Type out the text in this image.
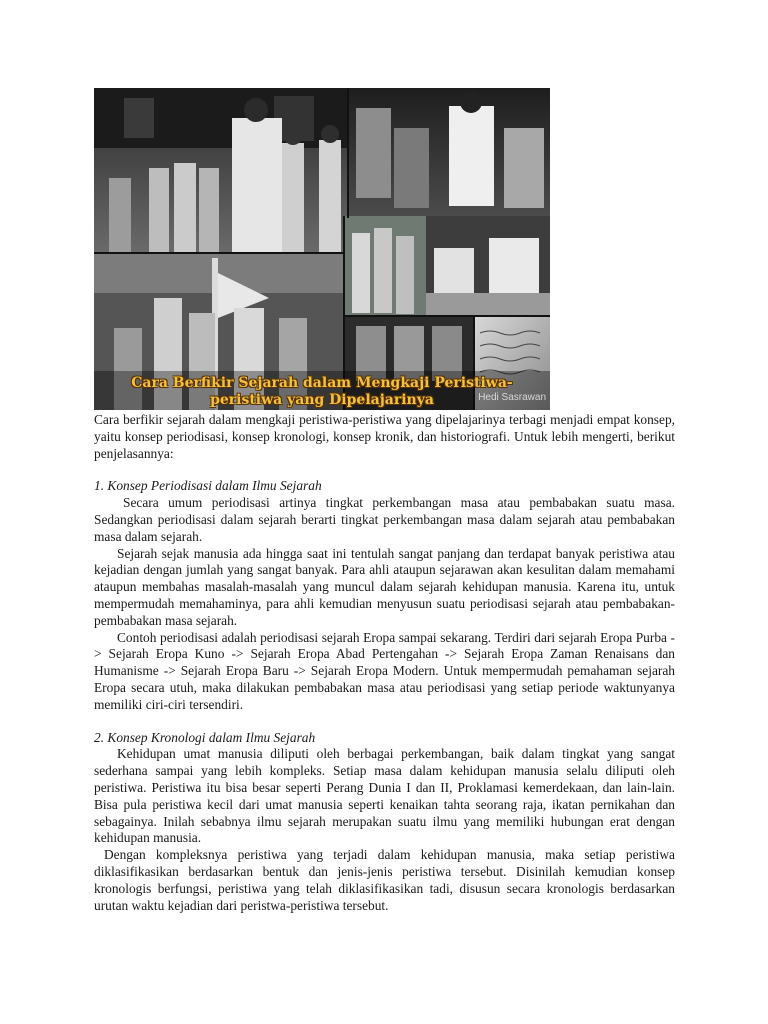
Cara Berfikir Sejarah dalam Mengkaji Peristiwa-
peristiwa yang Dipelajarinya	Hedi Sasrawan

Cara berfikir sejarah dalam mengkaji peristiwa-peristiwa yang dipelajarinya terbagi menjadi empat konsep, yaitu konsep periodisasi, konsep kronologi, konsep kronik, dan historiografi. Untuk lebih mengerti, berikut penjelasannya:

1. Konsep Periodisasi dalam Ilmu Sejarah

Secara umum periodisasi artinya tingkat perkembangan masa atau pembabakan suatu masa. Sedangkan periodisasi dalam sejarah berarti tingkat perkembangan masa dalam sejarah atau pembabakan masa dalam sejarah.

Sejarah sejak manusia ada hingga saat ini tentulah sangat panjang dan terdapat banyak peristiwa atau kejadian dengan jumlah yang sangat banyak. Para ahli ataupun sejarawan akan kesulitan dalam memahami ataupun membahas masalah-masalah yang muncul dalam sejarah kehidupan manusia. Karena itu, untuk mempermudah memahaminya, para ahli kemudian menyusun suatu periodisasi sejarah atau pembabakan-pembabakan masa sejarah.

Contoh periodisasi adalah periodisasi sejarah Eropa sampai sekarang. Terdiri dari sejarah Eropa Purba -> Sejarah Eropa Kuno -> Sejarah Eropa Abad Pertengahan -> Sejarah Eropa Zaman Renaisans dan Humanisme -> Sejarah Eropa Baru -> Sejarah Eropa Modern. Untuk mempermudah pemahaman sejarah Eropa secara utuh, maka dilakukan pembabakan masa atau periodisasi yang setiap periode waktunyanya memiliki ciri-ciri tersendiri.

2. Konsep Kronologi dalam Ilmu Sejarah

Kehidupan umat manusia diliputi oleh berbagai perkembangan, baik dalam tingkat yang sangat sederhana sampai yang lebih kompleks. Setiap masa dalam kehidupan manusia selalu diliputi oleh peristiwa. Peristiwa itu bisa besar seperti Perang Dunia I dan II, Proklamasi kemerdekaan, dan lain-lain. Bisa pula peristiwa kecil dari umat manusia seperti kenaikan tahta seorang raja, ikatan pernikahan dan sebagainya. Inilah sebabnya ilmu sejarah merupakan suatu ilmu yang memiliki hubungan erat dengan kehidupan manusia.

Dengan kompleksnya peristiwa yang terjadi dalam kehidupan manusia, maka setiap peristiwa diklasifikasikan berdasarkan bentuk dan jenis-jenis peristiwa tersebut. Disinilah kemudian konsep kronologis berfungsi, peristiwa yang telah diklasifikasikan tadi, disusun secara kronologis berdasarkan urutan waktu kejadian dari peristwa-peristiwa tersebut.
